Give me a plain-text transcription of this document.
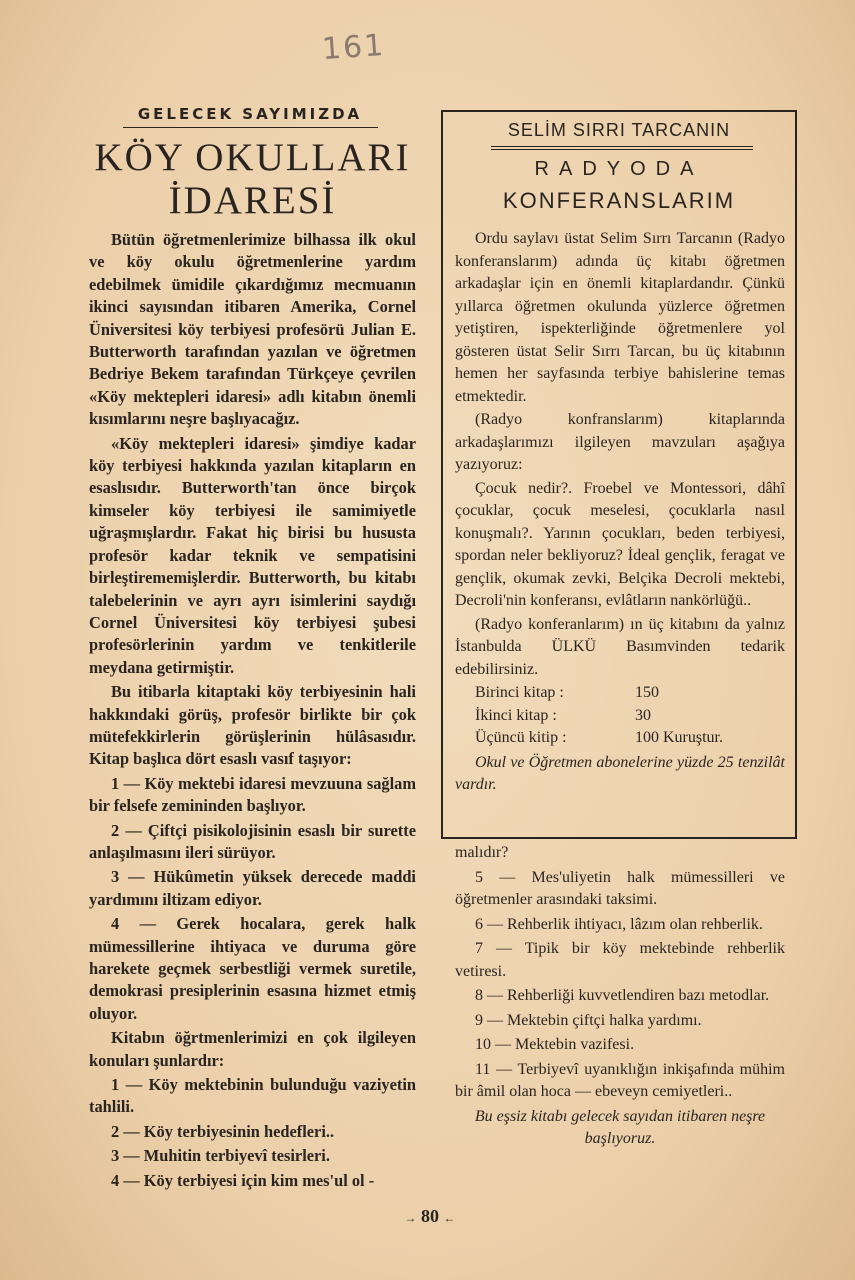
161
GELECEK SAYIMIZDA
KÖY OKULLARI
İDARESİ

Bütün öğretmenlerimize bilhassa ilk okul ve köy okulu öğretmenlerine yardım edebilmek ümidile çıkardığımız mecmuanın ikinci sayısından itibaren Amerika, Cornel Üniversitesi köy terbiyesi profesörü Julian E. Butterworth tarafından yazılan ve öğretmen Bedriye Bekem tarafından Türkçeye çevrilen «Köy mektepleri idaresi» adlı kitabın önemli kısımlarını neşre başlıyacağız.

«Köy mektepleri idaresi» şimdiye kadar köy terbiyesi hakkında yazılan kitapların en esaslısıdır. Butterworth'tan önce birçok kimseler köy terbiyesi ile samimiyetle uğraşmışlardır. Fakat hiç birisi bu hususta profesör kadar teknik ve sempatisini birleştirememişlerdir. Butterworth, bu kitabı talebelerinin ve ayrı ayrı isimlerini saydığı Cornel Üniversitesi köy terbiyesi şubesi profesörlerinin yardım ve tenkitlerile meydana getirmiştir.

Bu itibarla kitaptaki köy terbiyesinin hali hakkındaki görüş, profesör birlikte bir çok mütefekkirlerin görüşlerinin hülâsasıdır. Kitap başlıca dört esaslı vasıf taşıyor:

1 — Köy mektebi idaresi mevzuuna sağlam bir felsefe zemininden başlıyor.

2 — Çiftçi pisikolojisinin esaslı bir surette anlaşılmasını ileri sürüyor.

3 — Hükûmetin yüksek derecede maddi yardımını iltizam ediyor.

4 — Gerek hocalara, gerek halk mümessillerine ihtiyaca ve duruma göre harekete geçmek serbestliği vermek suretile, demokrasi presiplerinin esasına hizmet etmiş oluyor.

Kitabın öğrtmenlerimizi en çok ilgileyen konuları şunlardır:

1 — Köy mektebinin bulunduğu vaziyetin tahlili.

2 — Köy terbiyesinin hedefleri..

3 — Muhitin terbiyevî tesirleri.

4 — Köy terbiyesi için kim mes'ul ol -

SELİM SIRRI TARCANIN
RADYODA
KONFERANSLARIM

Ordu saylavı üstat Selim Sırrı Tarcanın (Radyo konferanslarım) adında üç kitabı öğretmen arkadaşlar için en önemli kitaplardandır. Çünkü yıllarca öğretmen okulunda yüzlerce öğretmen yetiştiren, ispekterliğinde öğretmenlere yol gösteren üstat Selir Sırrı Tarcan, bu üç kitabının hemen her sayfasında terbiye bahislerine temas etmektedir.

(Radyo konfranslarım) kitaplarında arkadaşlarımızı ilgileyen mavzuları aşağıya yazıyoruz:

Çocuk nedir?. Froebel ve Montessori, dâhî çocuklar, çocuk meselesi, çocuklarla nasıl konuşmalı?. Yarının çocukları, beden terbiyesi, spordan neler bekliyoruz? İdeal gençlik, feragat ve gençlik, okumak zevki, Belçika Decroli mektebi, Decroli'nin konferansı, evlâtların nankörlüğü..

(Radyo konferanlarım) ın üç kitabını da yalnız İstanbulda ÜLKÜ Basımvinden tedarik edebilirsiniz.

Birinci kitap :	150
İkinci kitap :	30
Üçüncü kitip :	100 Kuruştur.
Okul ve Öğretmen abonelerine yüzde 25 tenzilât vardır.

malıdır?

5 — Mes'uliyetin halk mümessilleri ve öğretmenler arasındaki taksimi.

6 — Rehberlik ihtiyacı, lâzım olan rehberlik.

7 — Tipik bir köy mektebinde rehberlik vetiresi.

8 — Rehberliği kuvvetlendiren bazı metodlar.

9 — Mektebin çiftçi halka yardımı.

10 — Mektebin vazifesi.

11 — Terbiyevî uyanıklığın inkişafında mühim bir âmil olan hoca — ebeveyn cemiyetleri..

Bu eşsiz kitabı gelecek sayıdan itibaren neşre başlıyoruz.
→ 80 ←
